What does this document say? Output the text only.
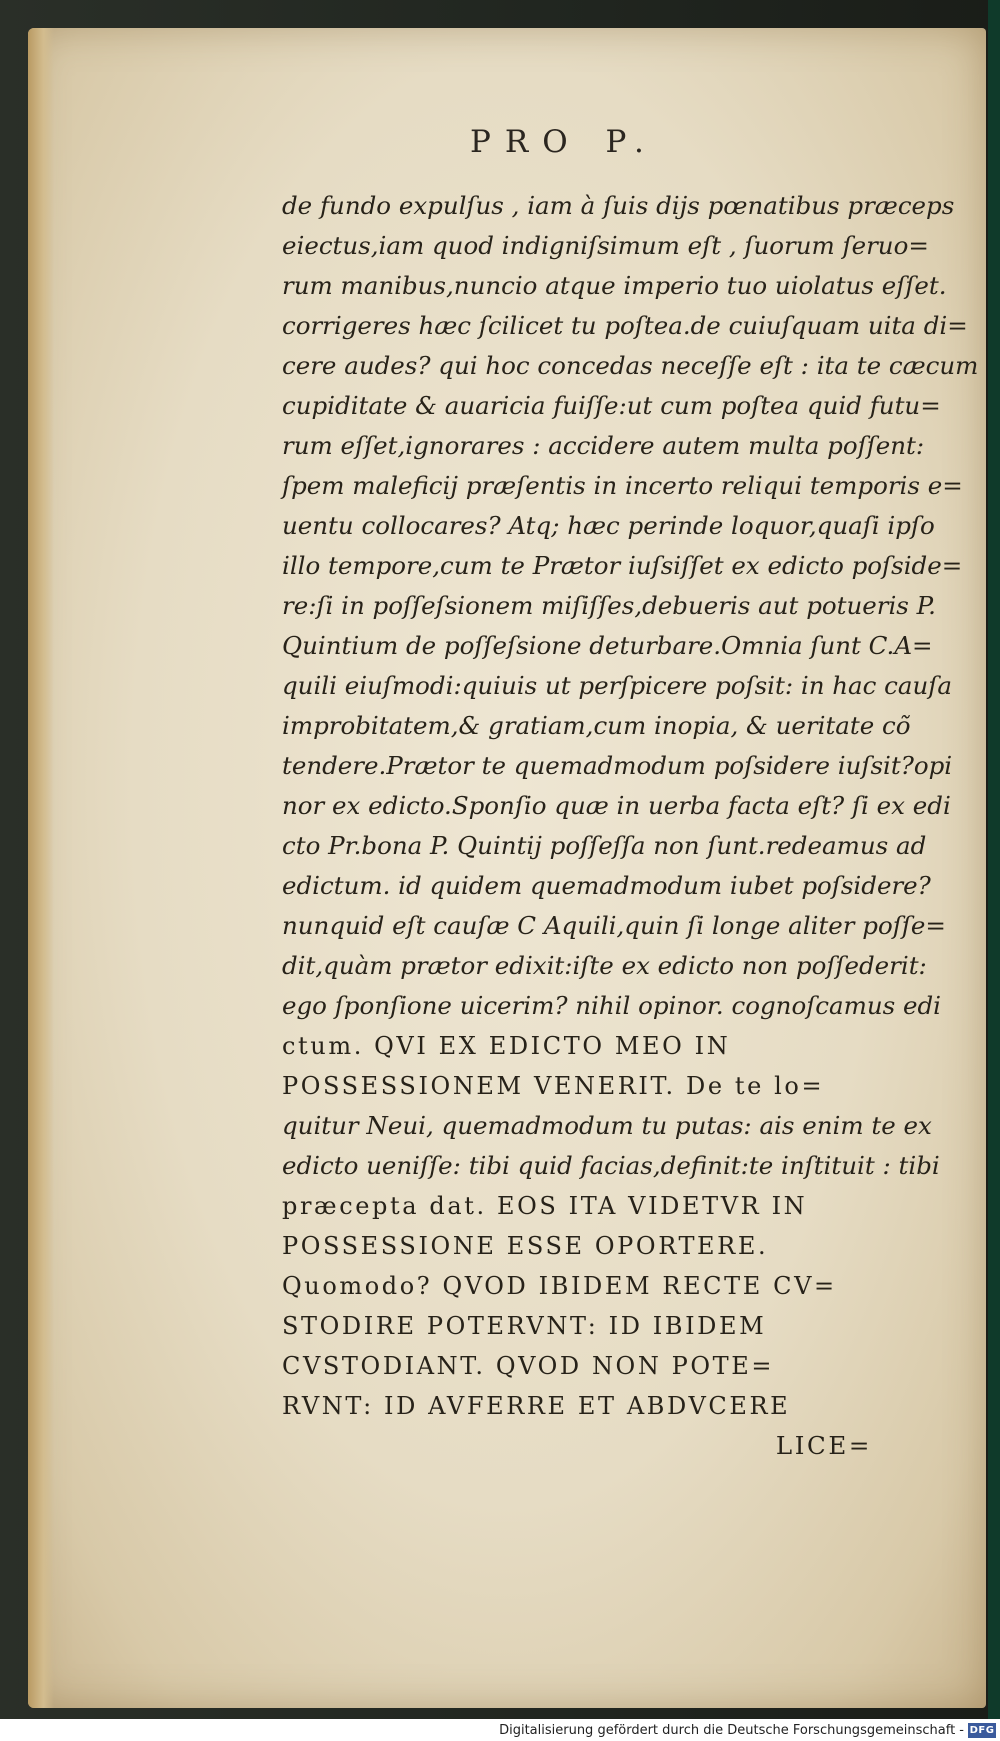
PRO P.
de fundo expulſus , iam à ſuis dijs pœnatibus præceps
eiectus,iam quod indigniſsimum eſt , ſuorum ſeruo=
rum manibus,nuncio atque imperio tuo uiolatus eſſet.
corrigeres hæc ſcilicet tu poſtea.de cuiuſquam uita di=
cere audes? qui hoc concedas neceſſe eſt : ita te cæcum
cupiditate & auaricia fuiſſe:ut cum poſtea quid futu=
rum eſſet,ignorares : accidere autem multa poſſent:
ſpem maleficij præſentis in incerto reliqui temporis e=
uentu collocares? Atq; hæc perinde loquor,quaſi ipſo
illo tempore,cum te Prætor iuſsiſſet ex edicto poſside=
re:ſi in poſſeſsionem miſiſſes,debueris aut potueris P.
Quintium de poſſeſsione deturbare.Omnia ſunt C.A=
quili eiuſmodi:quiuis ut perſpicere poſsit: in hac cauſa
improbitatem,& gratiam,cum inopia, & ueritate cõ
tendere.Prætor te quemadmodum poſsidere iuſsit?opi
nor ex edicto.Sponſio quæ in uerba facta eſt? ſi ex edi
cto Pr.bona P. Quintij poſſeſſa non ſunt.redeamus ad
edictum. id quidem quemadmodum iubet poſsidere?
nunquid eſt cauſæ C Aquili,quin ſi longe aliter poſſe=
dit,quàm prætor edixit:iſte ex edicto non poſſederit:
ego ſponſione uicerim? nihil opinor. cognoſcamus edi
ctum. QVI EX EDICTO MEO IN
POSSESSIONEM VENERIT. De te lo=
quitur Neui, quemadmodum tu putas: ais enim te ex
edicto ueniſſe: tibi quid facias,definit:te inſtituit : tibi
præcepta dat. EOS ITA VIDETVR IN
POSSESSIONE ESSE OPORTERE.
Quomodo? QVOD IBIDEM RECTE CV=
STODIRE POTERVNT: ID IBIDEM
CVSTODIANT. QVOD NON POTE=
RVNT: ID AVFERRE ET ABDVCERE
LICE=
Digitalisierung gefördert durch die Deutsche Forschungsgemeinschaft - DFG
